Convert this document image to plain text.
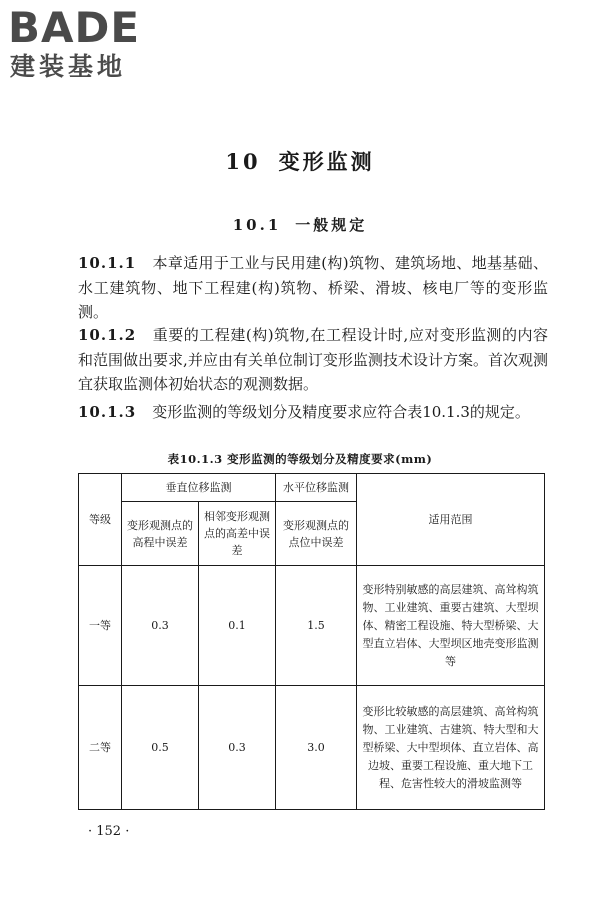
BADE
建装基地
10 变形监测
10.1 一般规定
10.1.1 本章适用于工业与民用建(构)筑物、建筑场地、地基基础、水工建筑物、地下工程建(构)筑物、桥梁、滑坡、核电厂等的变形监测。
10.1.2 重要的工程建(构)筑物,在工程设计时,应对变形监测的内容和范围做出要求,并应由有关单位制订变形监测技术设计方案。首次观测宜获取监测体初始状态的观测数据。
10.1.3 变形监测的等级划分及精度要求应符合表10.1.3的规定。
表10.1.3 变形监测的等级划分及精度要求(mm)
等级	垂直位移监测		水平位移监测	适用范围
	变形观测点的高程中误差	相邻变形观测点的高差中误差	变形观测点的点位中误差	
一等	0.3	0.1	1.5	变形特别敏感的高层建筑、高耸构筑物、工业建筑、重要古建筑、大型坝体、精密工程设施、特大型桥梁、大型直立岩体、大型坝区地壳变形监测等
二等	0.5	0.3	3.0	变形比较敏感的高层建筑、高耸构筑物、工业建筑、古建筑、特大型和大型桥梁、大中型坝体、直立岩体、高边坡、重要工程设施、重大地下工程、危害性较大的滑坡监测等
· 152 ·
